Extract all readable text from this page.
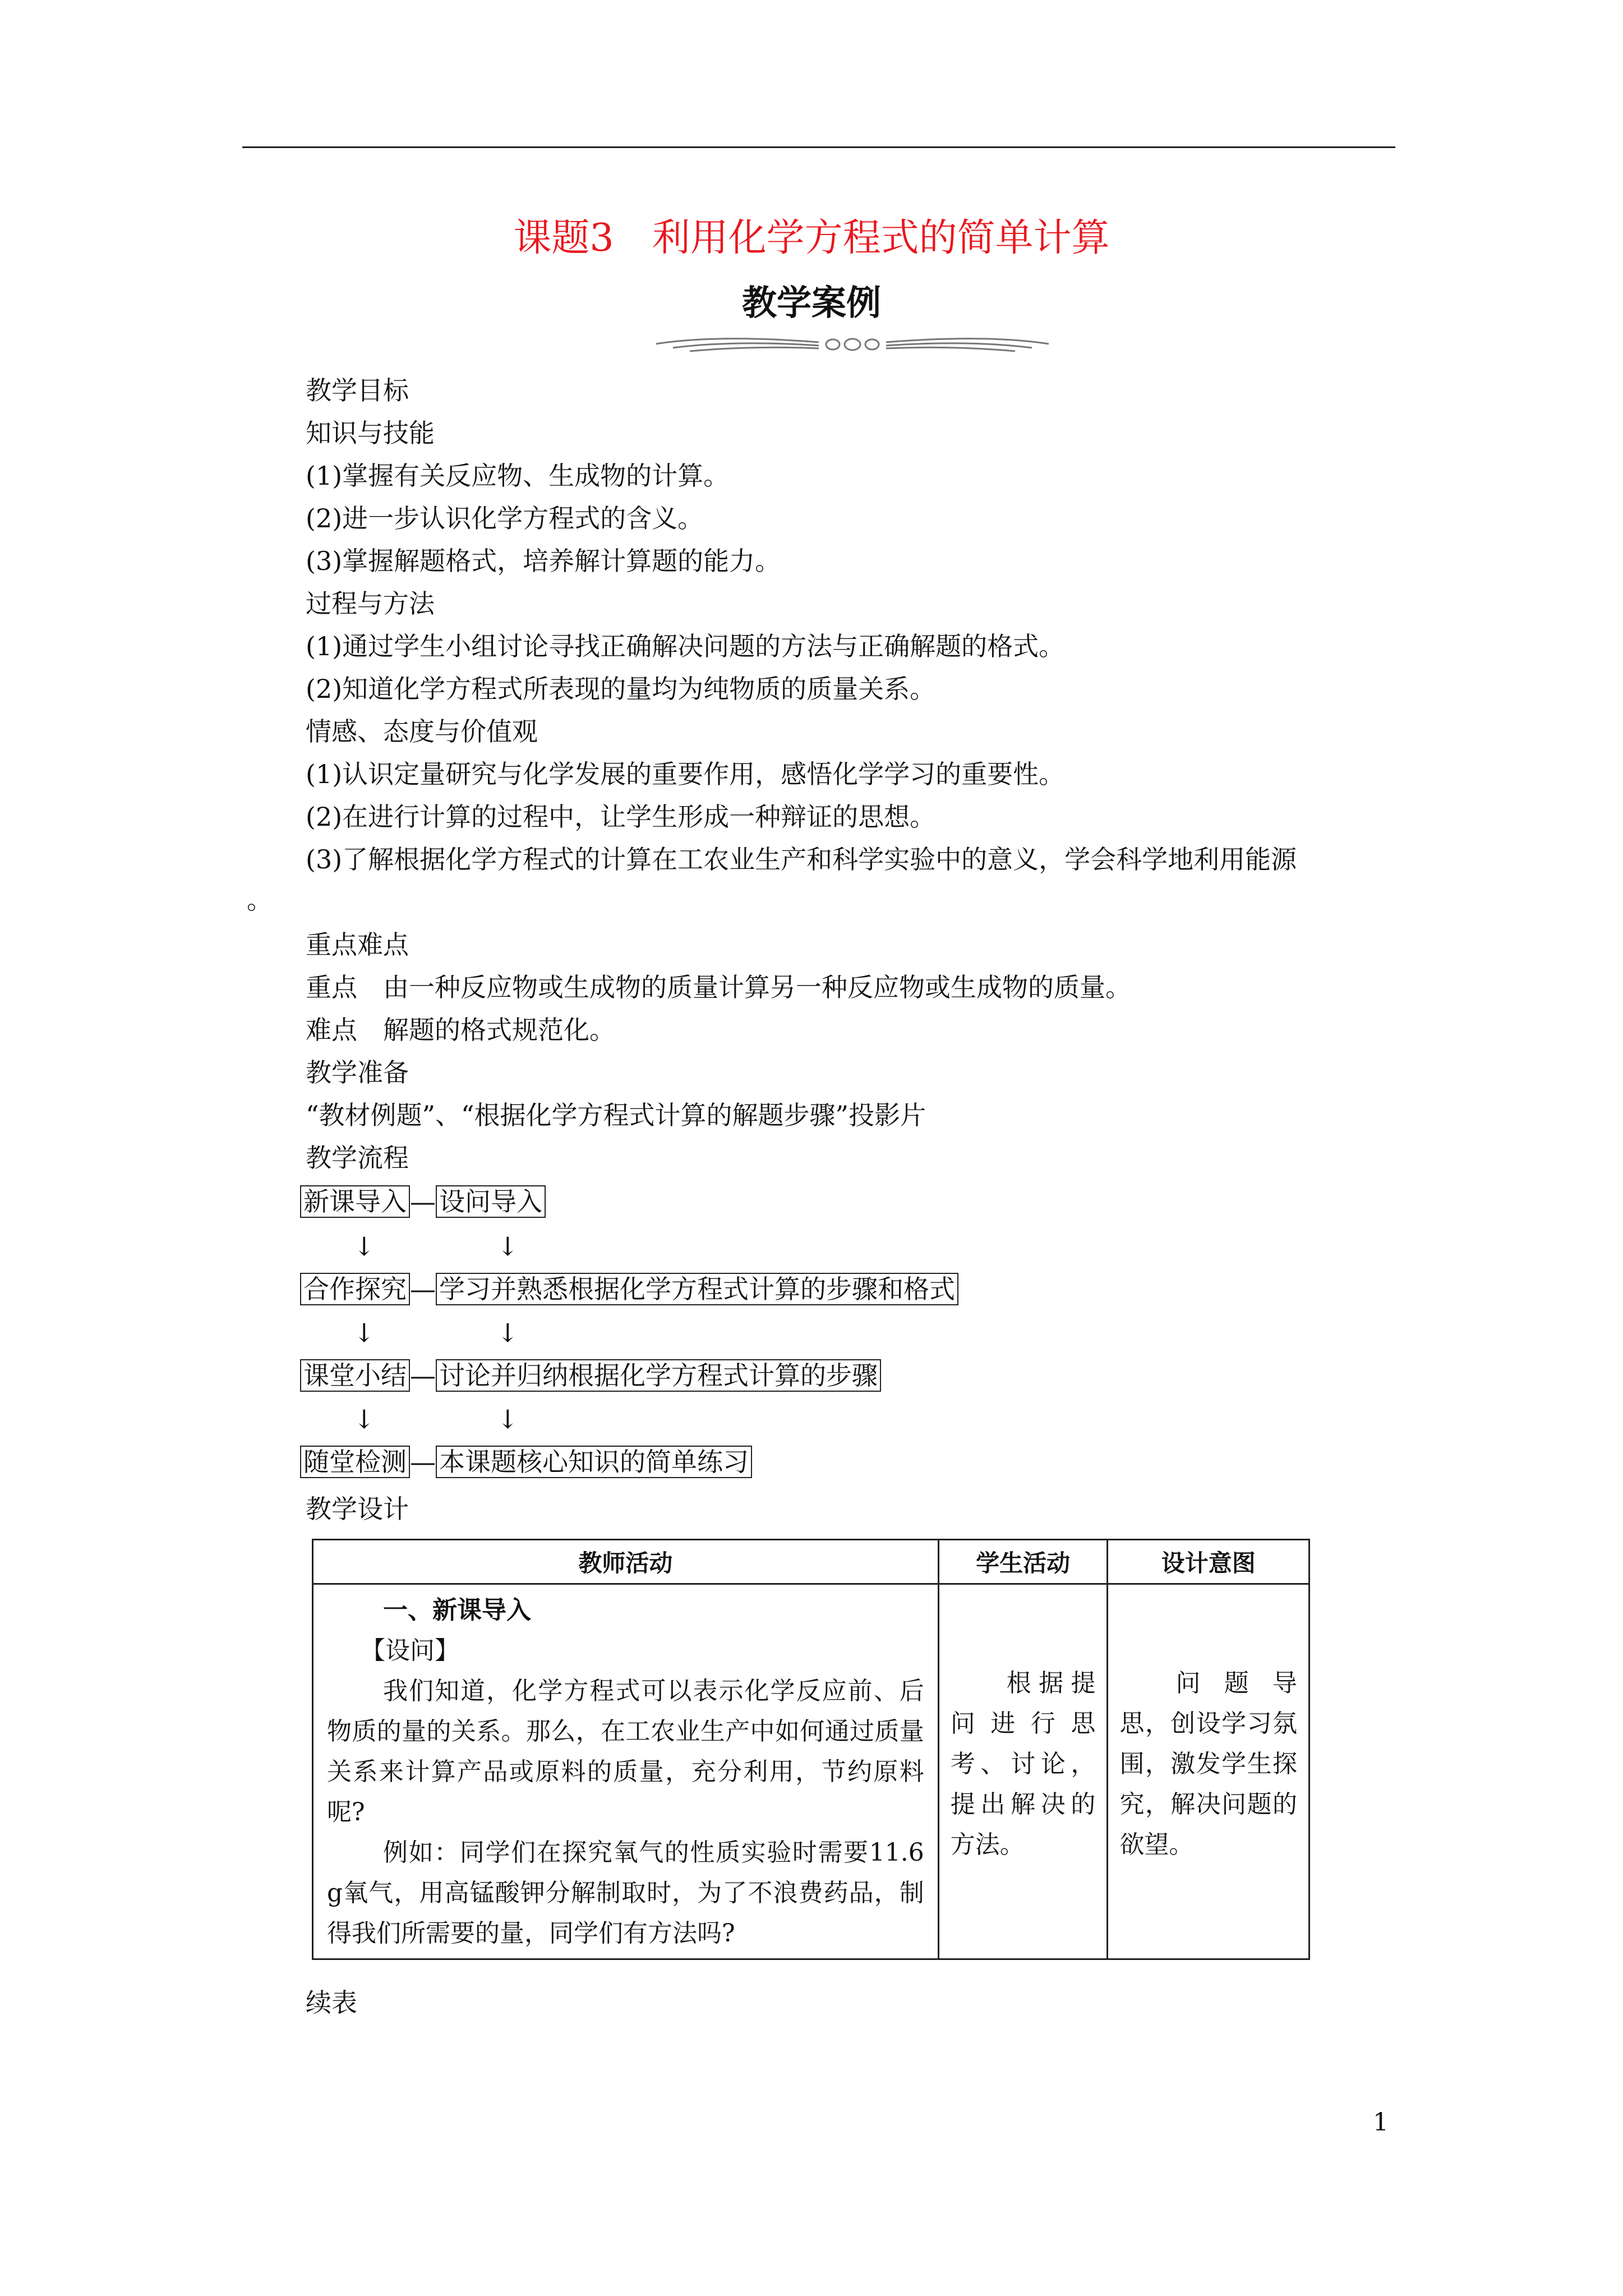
课题3　利用化学方程式的简单计算
教学案例
教学目标
知识与技能
(1)掌握有关反应物、生成物的计算。
(2)进一步认识化学方程式的含义。
(3)掌握解题格式，培养解计算题的能力。
过程与方法
(1)通过学生小组讨论寻找正确解决问题的方法与正确解题的格式。
(2)知道化学方程式所表现的量均为纯物质的质量关系。
情感、态度与价值观
(1)认识定量研究与化学发展的重要作用，感悟化学学习的重要性。
(2)在进行计算的过程中，让学生形成一种辩证的思想。
(3)了解根据化学方程式的计算在工农业生产和科学实验中的意义，学会科学地利用能源
。
重点难点
重点　由一种反应物或生成物的质量计算另一种反应物或生成物的质量。
难点　解题的格式规范化。
教学准备
“教材例题”、“根据化学方程式计算的解题步骤”投影片
教学流程
新课导入 — 设问导入
↓	↓
合作探究 — 学习并熟悉根据化学方程式计算的步骤和格式
↓	↓
课堂小结 — 讨论并归纳根据化学方程式计算的步骤
↓	↓
随堂检测 — 本课题核心知识的简单练习
教学设计
教师活动	学生活动	设计意图

一、新课导入
【设问】
我们知道，化学方程式可以表示化学反应前、后物质的量的关系。那么，在工农业生产中如何通过质量关系来计算产品或原料的质量，充分利用，节约原料呢?
例如：同学们在探究氧气的性质实验时需要11.6 g氧气，用高锰酸钾分解制取时，为了不浪费药品，制得我们所需要的量，同学们有方法吗?	根据提问进行思考、讨论，提出解决的方法。	问题导思，创设学习氛围，激发学生探究，解决问题的欲望。
续表
1
